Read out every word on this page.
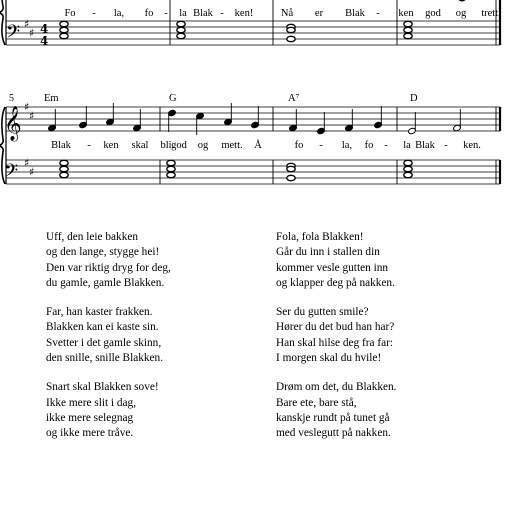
𝄢 ♯
♯ 4
4
𝄞
𝄢
♯
♯
♯
♯
Fo - la, fo - la Blak - ken!	Nå er Blak - ken god og trett.
Blak - ken skal bli god og mett. Å	fo - la, fo - la Blak - ken.
Em	G	A⁷	D
5
Uff, den leie bakken
og den lange, stygge hei!
Den var riktig dryg for deg,
du gamle, gamle Blakken.
Far, han kaster frakken.
Blakken kan ei kaste sin.
Svetter i det gamle skinn,
den snille, snille Blakken.
Snart skal Blakken sove!
Ikke mere slit i dag,
ikke mere selegnag
og ikke mere tråve.
Fola, fola Blakken!
Går du inn i stallen din
kommer vesle gutten inn
og klapper deg på nakken.
Ser du gutten smile?
Hører du det bud han har?
Han skal hilse deg fra far:
I morgen skal du hvile!
Drøm om det, du Blakken.
Bare ete, bare stå,
kanskje rundt på tunet gå
med veslegutt på nakken.
